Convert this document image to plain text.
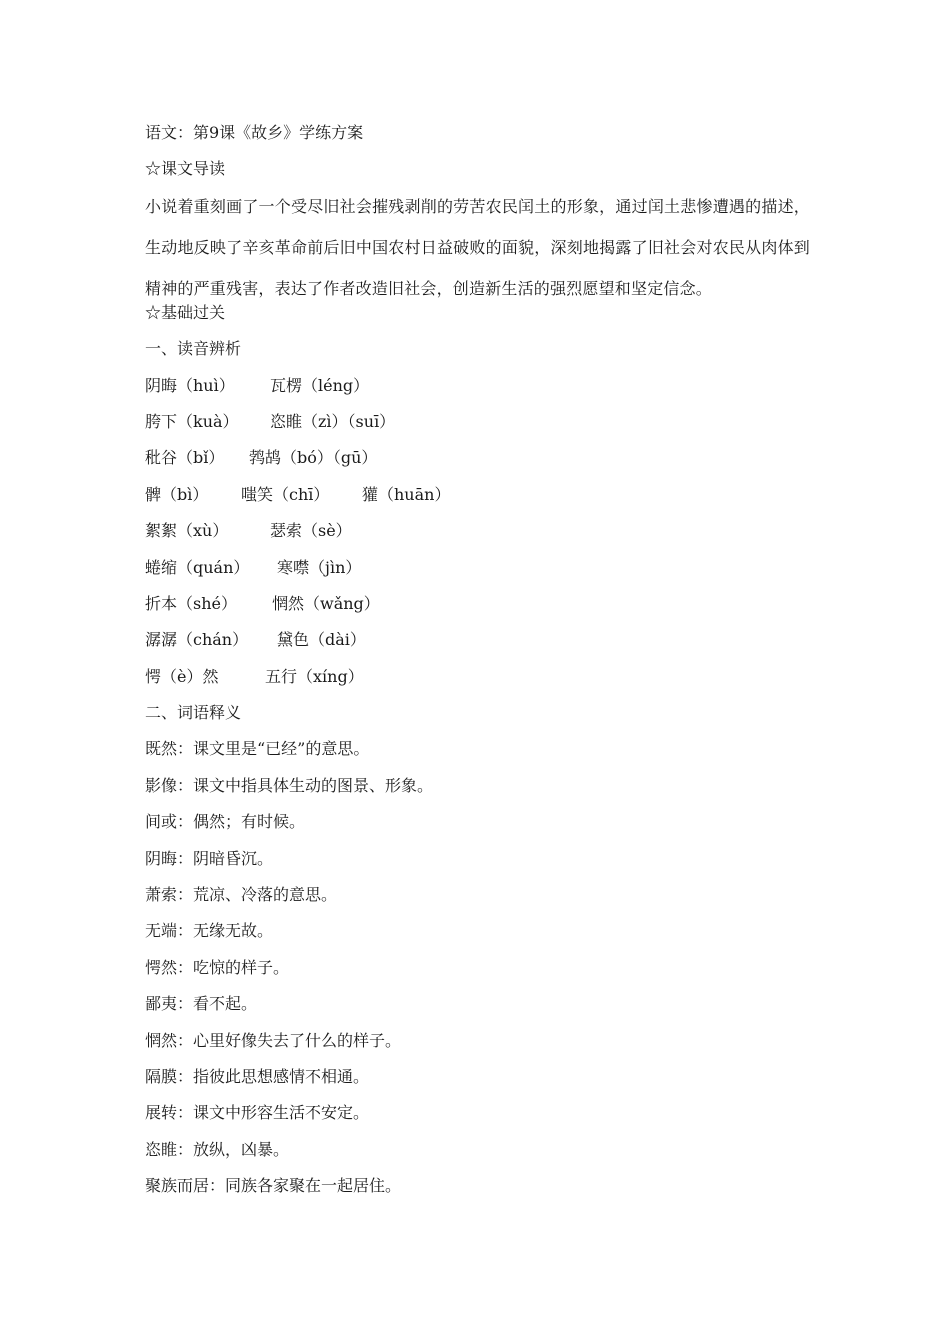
语文：第9课《故乡》学练方案
☆课文导读
小说着重刻画了一个受尽旧社会摧残剥削的劳苦农民闰土的形象，通过闰土悲惨遭遇的描述，生动地反映了辛亥革命前后旧中国农村日益破败的面貌，深刻地揭露了旧社会对农民从肉体到精神的严重残害，表达了作者改造旧社会，创造新生活的强烈愿望和坚定信念。
☆基础过关
一、读音辨析
阴晦（huì） 瓦楞（léng）
胯下（kuà） 恣睢（zì）（suī）
秕谷（bǐ） 鹁鸪（bó）（gū）
髀（bì） 嗤笑（chī） 獾（huān）
絮絮（xù）	瑟索（sè）
蜷缩（quán） 寒噤（jìn）
折本（shé） 惘然（wǎng）
潺潺（chán） 黛色（dài）
愕（è）然	五行（xíng）
二、词语释义
既然：课文里是“已经”的意思。
影像：课文中指具体生动的图景、形象。
间或：偶然；有时候。
阴晦：阴暗昏沉。
萧索：荒凉、冷落的意思。
无端：无缘无故。
愕然：吃惊的样子。
鄙夷：看不起。
惘然：心里好像失去了什么的样子。
隔膜：指彼此思想感情不相通。
展转：课文中形容生活不安定。
恣睢：放纵，凶暴。
聚族而居：同族各家聚在一起居住。
